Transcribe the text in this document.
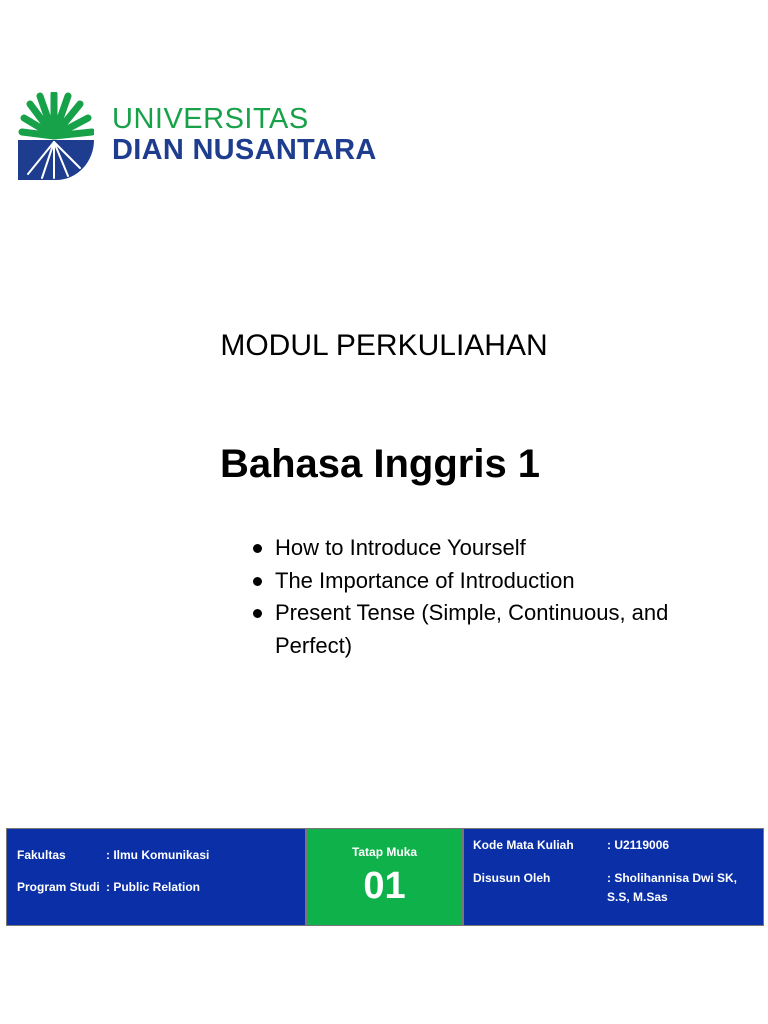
UNIVERSITAS
DIAN NUSANTARA
MODUL PERKULIAHAN
Bahasa Inggris 1
How to Introduce Yourself
The Importance of Introduction
Present Tense (Simple, Continuous, and Perfect)
Fakultas	: Ilmu Komunikasi
Program Studi : Public Relation
Tatap Muka
01
Kode Mata Kuliah	: U2119006
Disusun Oleh	: Sholihannisa Dwi SK, S.S, M.Sas
